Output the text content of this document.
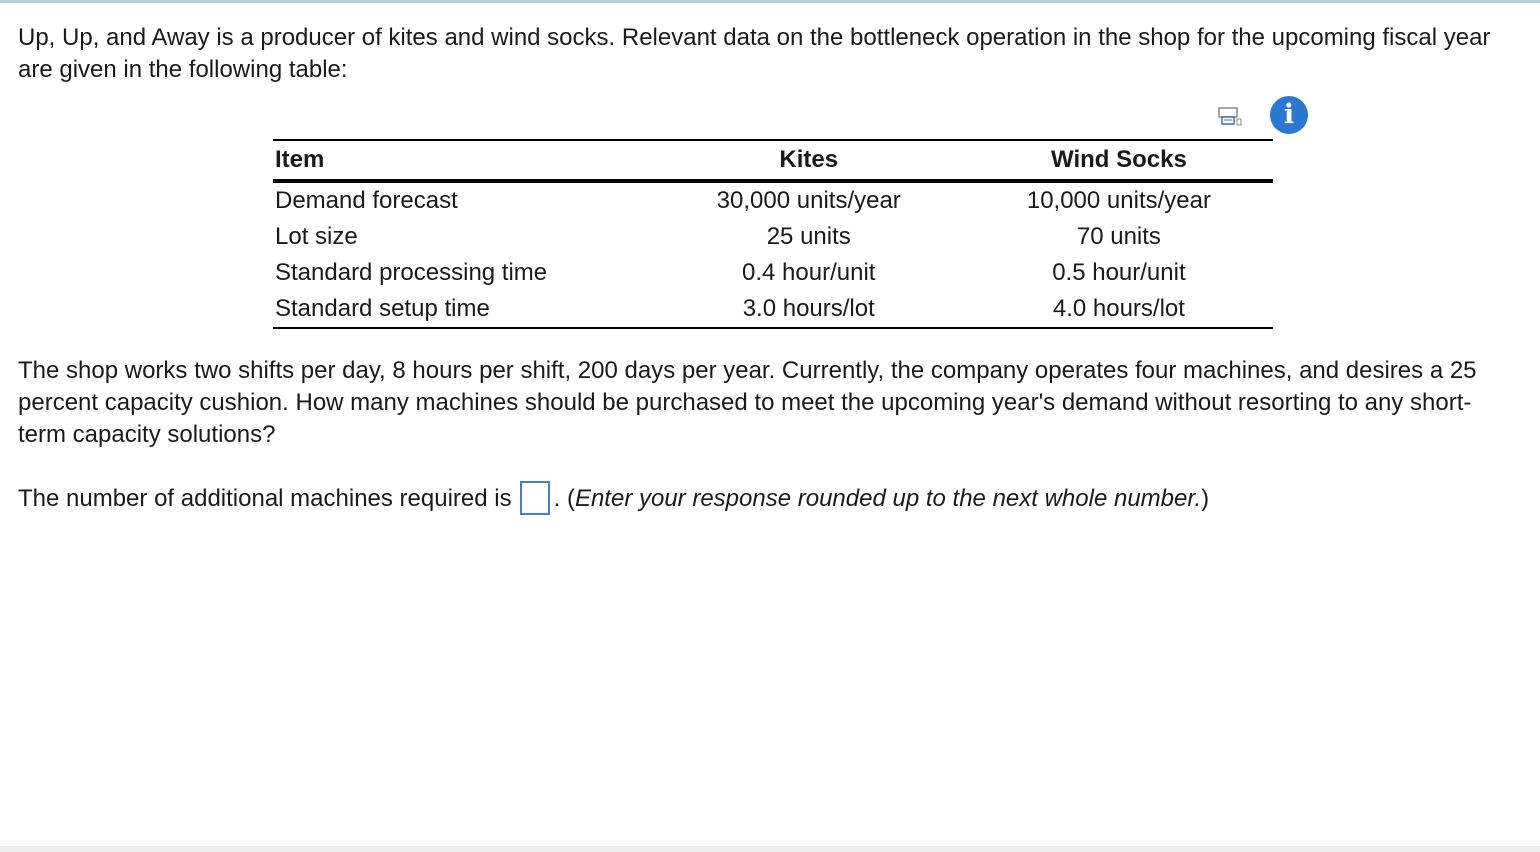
Up, Up, and Away is a producer of kites and wind socks. Relevant data on the bottleneck operation in the shop for the upcoming fiscal year are given in the following table:

i
Item	Kites	Wind Socks
Demand forecast	30,000 units/year	10,000 units/year
Lot size	25 units	70 units
Standard processing time	0.4 hour/unit	0.5 hour/unit
Standard setup time	3.0 hours/lot	4.0 hours/lot

The shop works two shifts per day, 8 hours per shift, 200 days per year. Currently, the company operates four machines, and desires a 25 percent capacity cushion. How many machines should be purchased to meet the upcoming year's demand without resorting to any short-term capacity solutions?

The number of additional machines required is . (Enter your response rounded up to the next whole number.)
